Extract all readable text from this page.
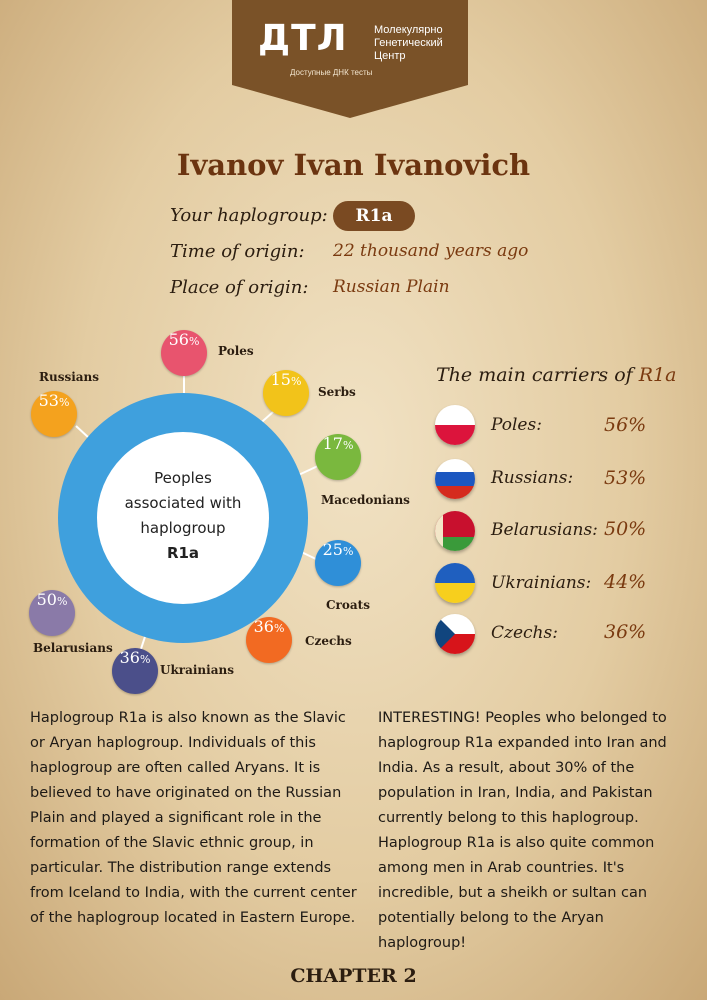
ДТЛ Молекулярно
Генетический
Центр
Доступные ДНК тесты
Ivanov Ivan Ivanovich
Your haplogroup:	R1a
Time of origin: 22 thousand years ago
Place of origin: Russian Plain
Peoples
associated with
haplogroup
R1a
56%
Poles
15%
Serbs
17%
Macedonians
25%
Croats
36%
Czechs
36%
Ukrainians
50%
Belarusians
53%
Russians	The main carriers of R1a
Poles:	56%
Russians: 53%
Belarusians: 50%
Ukrainians: 44%
Czechs: 36%
Haplogroup R1a is also known as the Slavic or Aryan haplogroup. Individuals of this haplogroup are often called Aryans. It is believed to have originated on the Russian Plain and played a significant role in the formation of the Slavic ethnic group, in particular. The distribution range extends from Iceland to India, with the current center of the haplogroup located in Eastern Europe.
INTERESTING! Peoples who belonged to haplogroup R1a expanded into Iran and India. As a result, about 30% of the population in Iran, India, and Pakistan currently belong to this haplogroup. Haplogroup R1a is also quite common among men in Arab countries. It's incredible, but a sheikh or sultan can potentially belong to the Aryan haplogroup!
CHAPTER 2
